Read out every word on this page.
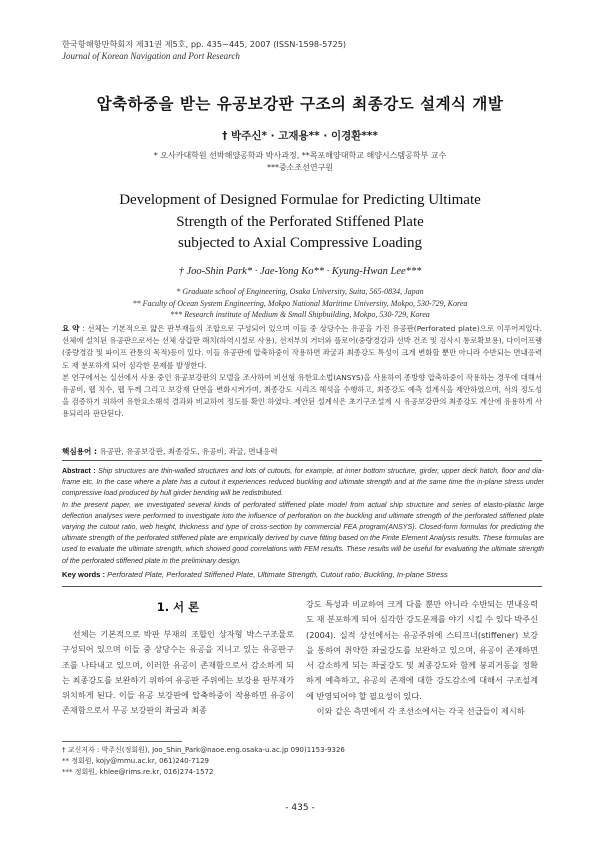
한국항해항만학회지 제31권 제5호, pp. 435~445, 2007 (ISSN-1598-5725)
Journal of Korean Navigation and Port Research
압축하중을 받는 유공보강판 구조의 최종강도 설계식 개발
† 박주신* · 고재용** · 이경환***
* 오사카대학원 선박해양공학과 박사과정, **목포해양대학교 해양시스템공학부 교수
***중소조선연구원
Development of Designed Formulae for Predicting Ultimate
Strength of the Perforated Stiffened Plate
subjected to Axial Compressive Loading
† Joo-Shin Park* · Jae-Yong Ko** · Kyung-Hwan Lee***
* Graduate school of Engineering, Osaka University, Suita, 565-0834, Japan
** Faculty of Ocean System Engineering, Mokpo National Maritime University, Mokpo, 530-729, Korea
*** Research institute of Medium & Small Shipbuilding, Mokpo, 530-729, Korea

요 약 : 선체는 기본적으로 얇은 판부재들의 조합으로 구성되어 있으며 이들 중 상당수는 유공을 가진 유공판(Perforated plate)으로 이루어져있다. 선체에 설치된 유공판으로서는 선체 상갑판 해치(하역시설로 사용), 선저부의 거더와 플로어(중량경감과 선박 건조 및 검사시 통로확보용), 다이어프램(중량경감 및 파이프 관통의 목적)등이 있다. 이들 유공판에 압축하중이 작용하면 좌굴과 최종강도 특성이 크게 변화할 뿐만 아니라 수반되는 면내응력도 재 분포하게 되어 심각한 문제를 발생한다.

본 연구에서는 실선에서 사용 중인 유공보강판의 모델을 조사하여 비선형 유한요소법(ANSYS)을 사용하여 종방향 압축하중이 작용하는 경우에 대해서 유공비, 웹 치수, 웹 두께 그리고 보강재 단면을 변화시켜가며, 최종강도 시리즈 해석을 수행하고, 최종강도 예측 설계식을 제안하였으며, 식의 정도성을 검증하기 위하여 유한요소해석 결과와 비교하여 정도를 확인 하였다. 제안된 설계식은 초기구조설계 시 유공보강판의 최종강도 계산에 유용하게 사용되리라 판단된다.

핵심용어 : 유공판, 유공보강판, 최종강도, 유공비, 좌굴, 면내응력

Abstract : Ship structures are thin-walled structures and lots of cutouts, for example, at inner bottom structure, girder, upper deck hatch, floor and dia-frame etc. In the case where a plate has a cutout it experiences reduced buckling and ultimate strength and at the same time the in-plane stress under compressive load produced by hull girder bending will be redistributed.

In the present paper, we investigated several kinds of perforated stiffened plate model from actual ship structure and series of elasto-plastic large deflection analyses were performed to investigate into the influence of perforation on the buckling and ultimate strength of the perforated stiffened plate varying the cutout ratio, web height, thickness and type of cross-section by commercial FEA program(ANSYS). Closed-form formulas for predicting the ultimate strength of the perforated stiffened plate are empirically derived by curve fitting based on the Finite Element Analysis results. These formulas are used to evaluate the ultimate strength, which showed good correlations with FEM results. These results will be useful for evaluating the ultimate strength of the perforated stiffened plate in the preliminary design.

Key words : Perforated Plate, Perforated Stiffened Plate, Ultimate Strength, Cutout ratio, Buckling, In-plane Stress
1. 서 론

선체는 기본적으로 박판 부재의 조합인 상자형 박스구조물로 구성되어 있으며 이들 중 상당수는 유공을 지니고 있는 유공판구조를 나타내고 있으며, 이러한 유공이 존재함으로서 감소하게 되는 최종강도를 보완하기 위하여 유공판 주위에는 보강용 판부재가 위치하게 된다. 이들 유공 보강판에 압축하중이 작용하면 유공이 존재함으로서 무공 보강판의 좌굴과 최종

강도 특성과 비교하여 크게 다를 뿐만 아니라 수반되는 면내응력도 재 분포하게 되어 심각한 강도문제를 야기 시킬 수 있다 박주신(2004). 실적 상선에서는 유공주위에 스티프너(stiffener) 보강을 통하여 취약한 좌굴강도를 보완하고 있으며, 유공이 존재하면서 감소하게 되는 좌굴강도 및 최종강도와 함께 붕괴거동을 정확하게 예측하고, 유공의 존재에 대한 강도감소에 대해서 구조설계에 반영되어야 할 필요성이 있다.

이와 같은 측면에서 각 조선소에서는 각국 선급들이 제시하

† 교신저자 : 박주신(정회원), Joo_Shin_Park@naoe.eng.osaka-u.ac.jp 090)1153-9326
** 정회원, kojy@mmu.ac.kr, 061)240-7129
*** 정회원, khlee@rims.re.kr, 016)274-1572
- 435 -
